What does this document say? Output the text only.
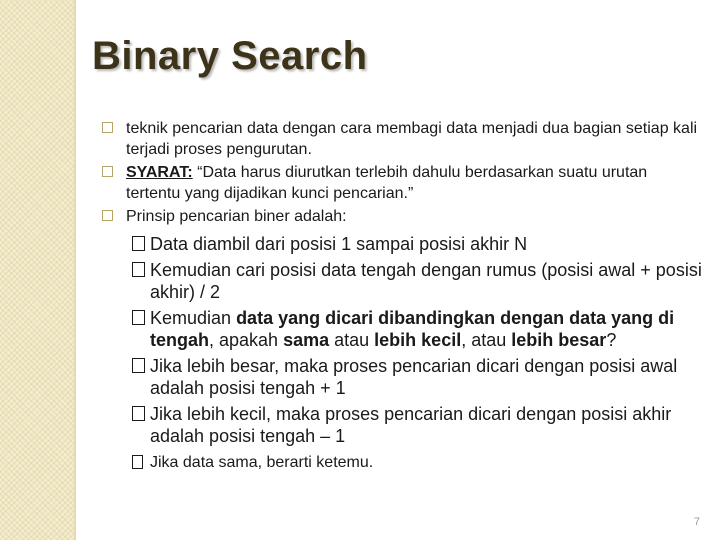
Binary Search
teknik pencarian data dengan cara membagi data menjadi dua bagian setiap kali terjadi proses pengurutan.
SYARAT: “Data harus diurutkan terlebih dahulu berdasarkan suatu urutan tertentu yang dijadikan kunci pencarian.”
Prinsip pencarian biner adalah:
Data diambil dari posisi 1 sampai posisi akhir N
Kemudian cari posisi data tengah dengan rumus (posisi awal + posisi akhir) / 2
Kemudian data yang dicari dibandingkan dengan data yang di tengah, apakah sama atau lebih kecil, atau lebih besar?
Jika lebih besar, maka proses pencarian dicari dengan posisi awal adalah posisi tengah + 1
Jika lebih kecil, maka proses pencarian dicari dengan posisi akhir adalah posisi tengah – 1
Jika data sama, berarti ketemu.
7
